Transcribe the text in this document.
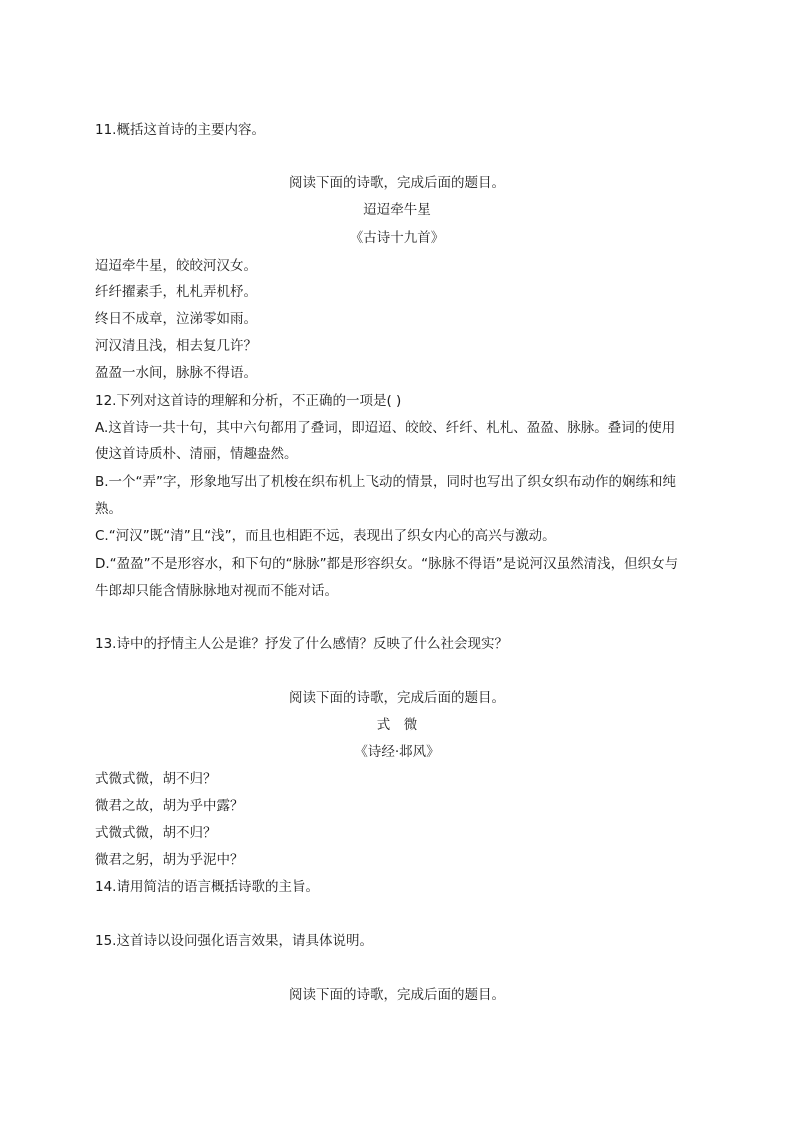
11.概括这首诗的主要内容。
阅读下面的诗歌，完成后面的题目。
迢迢牵牛星
《古诗十九首》
迢迢牵牛星，皎皎河汉女。
纤纤擢素手，札札弄机杼。
终日不成章，泣涕零如雨。
河汉清且浅，相去复几许？
盈盈一水间，脉脉不得语。
12.下列对这首诗的理解和分析，不正确的一项是( )
A.这首诗一共十句，其中六句都用了叠词，即迢迢、皎皎、纤纤、札札、盈盈、脉脉。叠词的使用
使这首诗质朴、清丽，情趣盎然。
B.一个“弄”字，形象地写出了机梭在织布机上飞动的情景，同时也写出了织女织布动作的娴练和纯
熟。
C.“河汉”既“清”且“浅”，而且也相距不远，表现出了织女内心的高兴与激动。
D.“盈盈”不是形容水，和下句的“脉脉”都是形容织女。“脉脉不得语”是说河汉虽然清浅，但织女与
牛郎却只能含情脉脉地对视而不能对话。
13.诗中的抒情主人公是谁？抒发了什么感情？反映了什么社会现实？
阅读下面的诗歌，完成后面的题目。
式　微
《诗经·邶风》
式微式微，胡不归？
微君之故，胡为乎中露？
式微式微，胡不归？
微君之躬，胡为乎泥中？
14.请用简洁的语言概括诗歌的主旨。
15.这首诗以设问强化语言效果，请具体说明。
阅读下面的诗歌，完成后面的题目。
